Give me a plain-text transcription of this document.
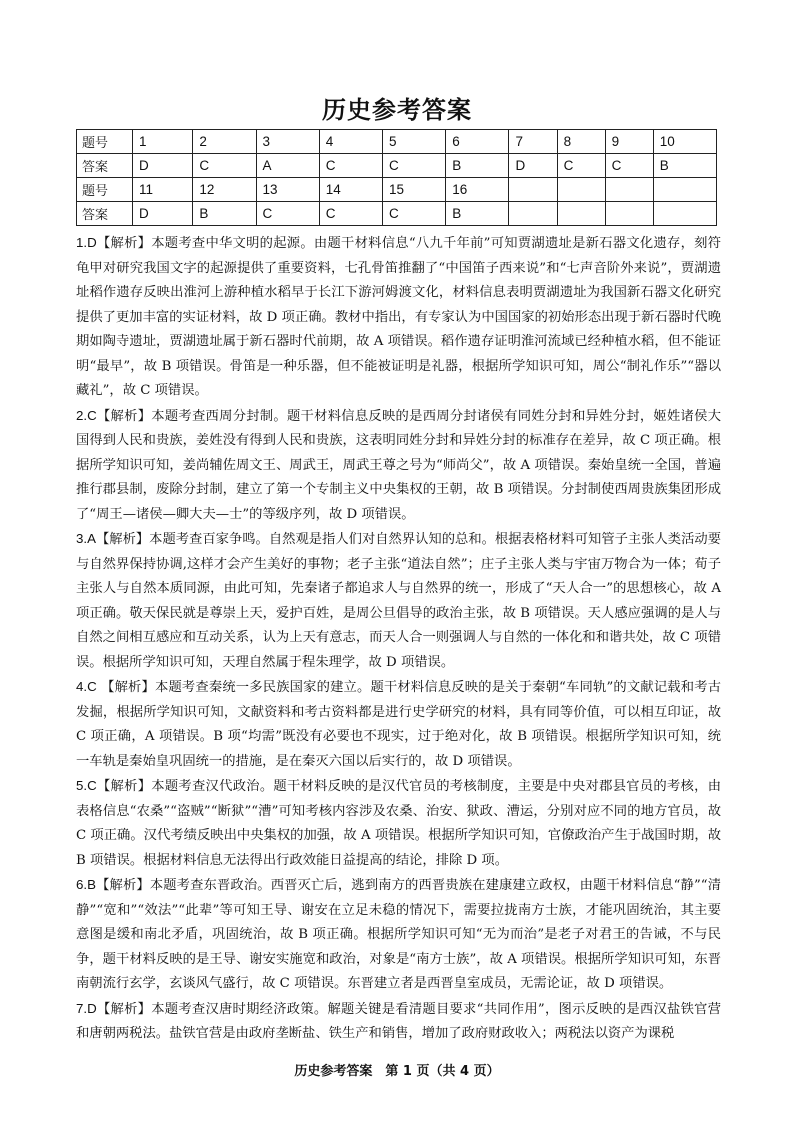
历史参考答案
题号	1	2	3	4	5	6	7	8	9	10
答案	D	C	A	C	C	B	D	C	C	B
题号	11	12	13	14	15	16				
答案	D	B	C	C	C	B				

1.D【解析】本题考查中华文明的起源。由题干材料信息“八九千年前”可知贾湖遗址是新石器文化遗存，刻符龟甲对研究我国文字的起源提供了重要资料，七孔骨笛推翻了“中国笛子西来说”和“七声音阶外来说”，贾湖遗址稻作遗存反映出淮河上游种植水稻早于长江下游河姆渡文化，材料信息表明贾湖遗址为我国新石器文化研究提供了更加丰富的实证材料，故 D 项正确。教材中指出，有专家认为中国国家的初始形态出现于新石器时代晚期如陶寺遗址，贾湖遗址属于新石器时代前期，故 A 项错误。稻作遗存证明淮河流域已经种植水稻，但不能证明“最早”，故 B 项错误。骨笛是一种乐器，但不能被证明是礼器，根据所学知识可知，周公“制礼作乐”“器以藏礼”，故 C 项错误。

2.C【解析】本题考查西周分封制。题干材料信息反映的是西周分封诸侯有同姓分封和异姓分封，姬姓诸侯大国得到人民和贵族，姜姓没有得到人民和贵族，这表明同姓分封和异姓分封的标准存在差异，故 C 项正确。根据所学知识可知，姜尚辅佐周文王、周武王，周武王尊之号为“师尚父”，故 A 项错误。秦始皇统一全国，普遍推行郡县制，废除分封制，建立了第一个专制主义中央集权的王朝，故 B 项错误。分封制使西周贵族集团形成了“周王—诸侯—卿大夫—士”的等级序列，故 D 项错误。

3.A【解析】本题考查百家争鸣。自然观是指人们对自然界认知的总和。根据表格材料可知管子主张人类活动要与自然界保持协调,这样才会产生美好的事物；老子主张“道法自然”；庄子主张人类与宇宙万物合为一体；荀子主张人与自然本质同源，由此可知，先秦诸子都追求人与自然界的统一，形成了“天人合一”的思想核心，故 A 项正确。敬天保民就是尊崇上天，爱护百姓，是周公旦倡导的政治主张，故 B 项错误。天人感应强调的是人与自然之间相互感应和互动关系，认为上天有意志，而天人合一则强调人与自然的一体化和和谐共处，故 C 项错误。根据所学知识可知，天理自然属于程朱理学，故 D 项错误。

4.C 【解析】本题考查秦统一多民族国家的建立。题干材料信息反映的是关于秦朝“车同轨”的文献记载和考古发掘，根据所学知识可知，文献资料和考古资料都是进行史学研究的材料，具有同等价值，可以相互印证，故 C 项正确，A 项错误。B 项“均需”既没有必要也不现实，过于绝对化，故 B 项错误。根据所学知识可知，统一车轨是秦始皇巩固统一的措施，是在秦灭六国以后实行的，故 D 项错误。

5.C【解析】本题考查汉代政治。题干材料反映的是汉代官员的考核制度，主要是中央对郡县官员的考核，由表格信息“农桑”“盗贼”“断狱”“漕”可知考核内容涉及农桑、治安、狱政、漕运，分别对应不同的地方官员，故 C 项正确。汉代考绩反映出中央集权的加强，故 A 项错误。根据所学知识可知，官僚政治产生于战国时期，故 B 项错误。根据材料信息无法得出行政效能日益提高的结论，排除 D 项。

6.B【解析】本题考查东晋政治。西晋灭亡后，逃到南方的西晋贵族在建康建立政权，由题干材料信息“静”“清静”“宽和”“效法”“此辈”等可知王导、谢安在立足未稳的情况下，需要拉拢南方士族，才能巩固统治，其主要意图是缓和南北矛盾，巩固统治，故 B 项正确。根据所学知识可知“无为而治”是老子对君王的告诫，不与民争，题干材料反映的是王导、谢安实施宽和政治，对象是“南方士族”，故 A 项错误。根据所学知识可知，东晋南朝流行玄学，玄谈风气盛行，故 C 项错误。东晋建立者是西晋皇室成员，无需论证，故 D 项错误。

7.D【解析】本题考查汉唐时期经济政策。解题关键是看清题目要求“共同作用”，图示反映的是西汉盐铁官营和唐朝两税法。盐铁官营是由政府垄断盐、铁生产和销售，增加了政府财政收入；两税法以资产为课税

历史参考答案　第 1 页（共 4 页）
